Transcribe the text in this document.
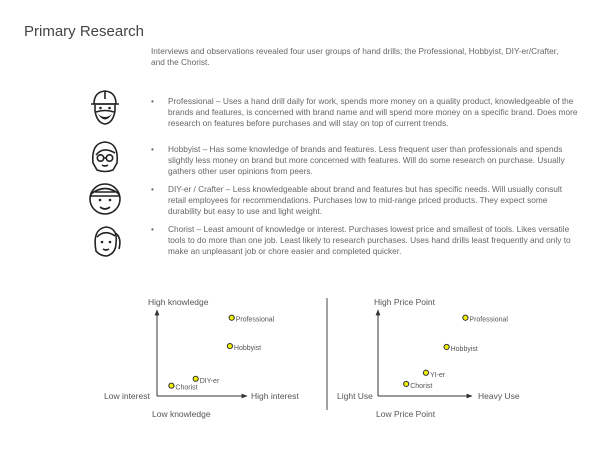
Primary Research
Interviews and observations revealed four user groups of hand drills; the Professional, Hobbyist, DIY-er/Crafter, and the Chorist.
• Professional – Uses a hand drill daily for work, spends more money on a quality product, knowledgeable of the brands and features, is concerned with brand name and will spend more money on a specific brand. Does more research on features before purchases and will stay on top of current trends.
• Hobbyist – Has some knowledge of brands and features. Less frequent user than professionals and spends slightly less money on brand but more concerned with features. Will do some research on purchase. Usually gathers other user opinions from peers.
• DIY-er / Crafter – Less knowledgeable about brand and features but has specific needs. Will usually consult retail employees for recommendations. Purchases low to mid-range priced products. They expect some durability but easy to use and light weight.
• Chorist – Least amount of knowledge or interest. Purchases lowest price and smallest of tools. Likes versatile tools to do more than one job. Least likely to research purchases. Uses hand drills least frequently and only to make an unpleasant job or chore easier and completed quicker.
High knowledge
Low knowledge
Low interest	High interest
Professional
Hobbyist
DIY-er
Chorist
High Price Point
Low Price Point
Light Use	Heavy Use
Professional
Hobbyist
YI-er
Chorist
